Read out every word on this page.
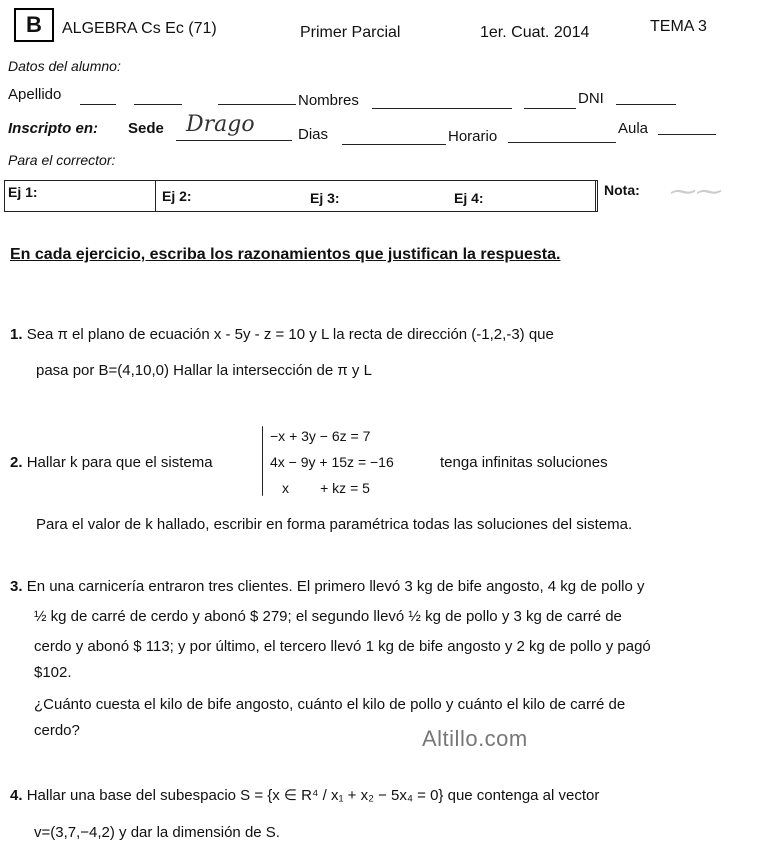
B	ALGEBRA Cs Ec (71)	Primer Parcial	1er. Cuat. 2014	TEMA 3
Datos del alumno:
Apellido	Nombres	DNI
Inscripto en: Sede Drago	Dias	Horario	Aula
Para el corrector:
Ej 1:	Ej 2:	Ej 3:	Ej 4:	Nota: ⁓⁓
En cada ejercicio, escriba los razonamientos que justifican la respuesta.
1. Sea π el plano de ecuación x - 5y - z = 10 y L la recta de dirección (-1,2,-3) que
pasa por B=(4,10,0) Hallar la intersección de π y L
2. Hallar k para que el sistema
−x + 3y − 6z = 7
4x − 9y + 15z = −16
x        + kz = 5
tenga infinitas soluciones
Para el valor de k hallado, escribir en forma paramétrica todas las soluciones del sistema.
3. En una carnicería entraron tres clientes. El primero llevó 3 kg de bife angosto, 4 kg de pollo y
½ kg de carré de cerdo y abonó $ 279; el segundo llevó ½ kg de pollo y 3 kg de carré de
cerdo y abonó $ 113; y por último, el tercero llevó 1 kg de bife angosto y 2 kg de pollo y pagó
$102.
¿Cuánto cuesta el kilo de bife angosto, cuánto el kilo de pollo y cuánto el kilo de carré de
cerdo?	Altillo.com
4. Hallar una base del subespacio S = {x ∈ R⁴ / x₁ + x₂ − 5x₄ = 0} que contenga al vector
v=(3,7,−4,2) y dar la dimensión de S.
